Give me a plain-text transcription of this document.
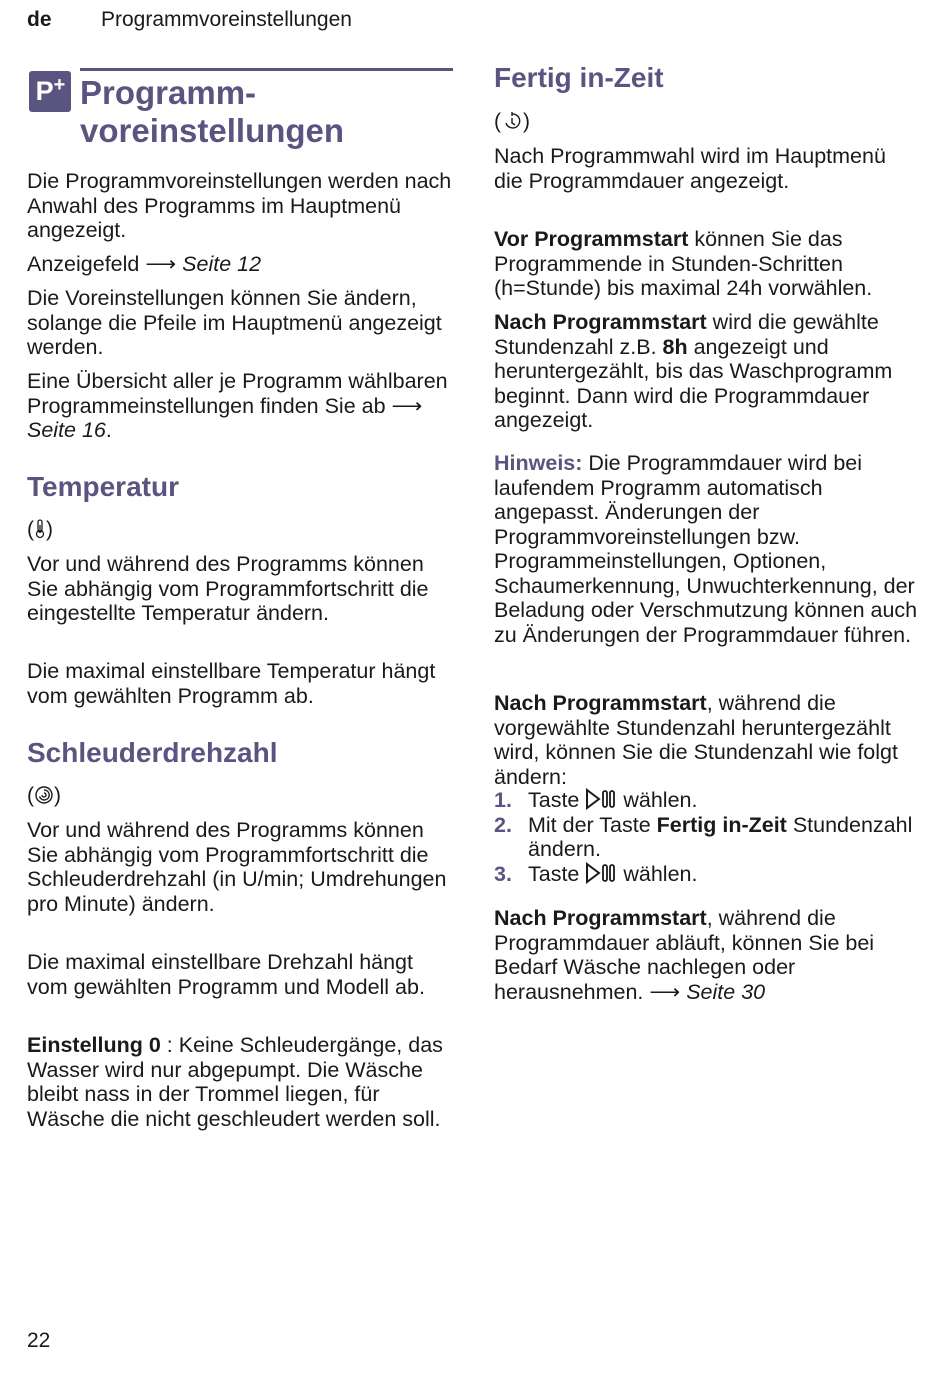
de Programmvoreinstellungen
P+ Programm-
voreinstellungen
Die Programmvoreinstellungen werden nach Anwahl des Programms im Hauptmenü angezeigt.
Anzeigefeld ⟶ Seite 12
Die Voreinstellungen können Sie ändern, solange die Pfeile im Hauptmenü angezeigt werden.
Eine Übersicht aller je Programm wählbaren Programmeinstellungen finden Sie ab ⟶ Seite 16.
Temperatur
( )
Vor und während des Programms können Sie abhängig vom Programmfortschritt die eingestellte Temperatur ändern.
Die maximal einstellbare Temperatur hängt vom gewählten Programm ab.
Schleuderdrehzahl
( )
Vor und während des Programms können Sie abhängig vom Programmfortschritt die Schleuderdrehzahl (in U/min; Umdrehungen pro Minute) ändern.
Die maximal einstellbare Drehzahl hängt vom gewählten Programm und Modell ab.
Einstellung 0 : Keine Schleudergänge, das Wasser wird nur abgepumpt. Die Wäsche bleibt nass in der Trommel liegen, für Wäsche die nicht geschleudert werden soll.
Fertig in-Zeit
( )
Nach Programmwahl wird im Hauptmenü die Programmdauer angezeigt.
Vor Programmstart können Sie das Programmende in Stunden-Schritten (h=Stunde) bis maximal 24h vorwählen.
Nach Programmstart wird die gewählte Stundenzahl z.B. 8h angezeigt und heruntergezählt, bis das Waschprogramm beginnt. Dann wird die Programmdauer angezeigt.
Hinweis: Die Programmdauer wird bei laufendem Programm automatisch angepasst. Änderungen der Programmvoreinstellungen bzw. Programmeinstellungen, Optionen, Schaumerkennung, Unwuchterkennung, der Beladung oder Verschmutzung können auch zu Änderungen der Programmdauer führen.
Nach Programmstart, während die vorgewählte Stundenzahl heruntergezählt wird, können Sie die Stundenzahl wie folgt ändern:
1. Taste  wählen.
2. Mit der Taste Fertig in-Zeit Stundenzahl ändern.
3. Taste  wählen.
Nach Programmstart, während die Programmdauer abläuft, können Sie bei Bedarf Wäsche nachlegen oder herausnehmen. ⟶ Seite 30
22
